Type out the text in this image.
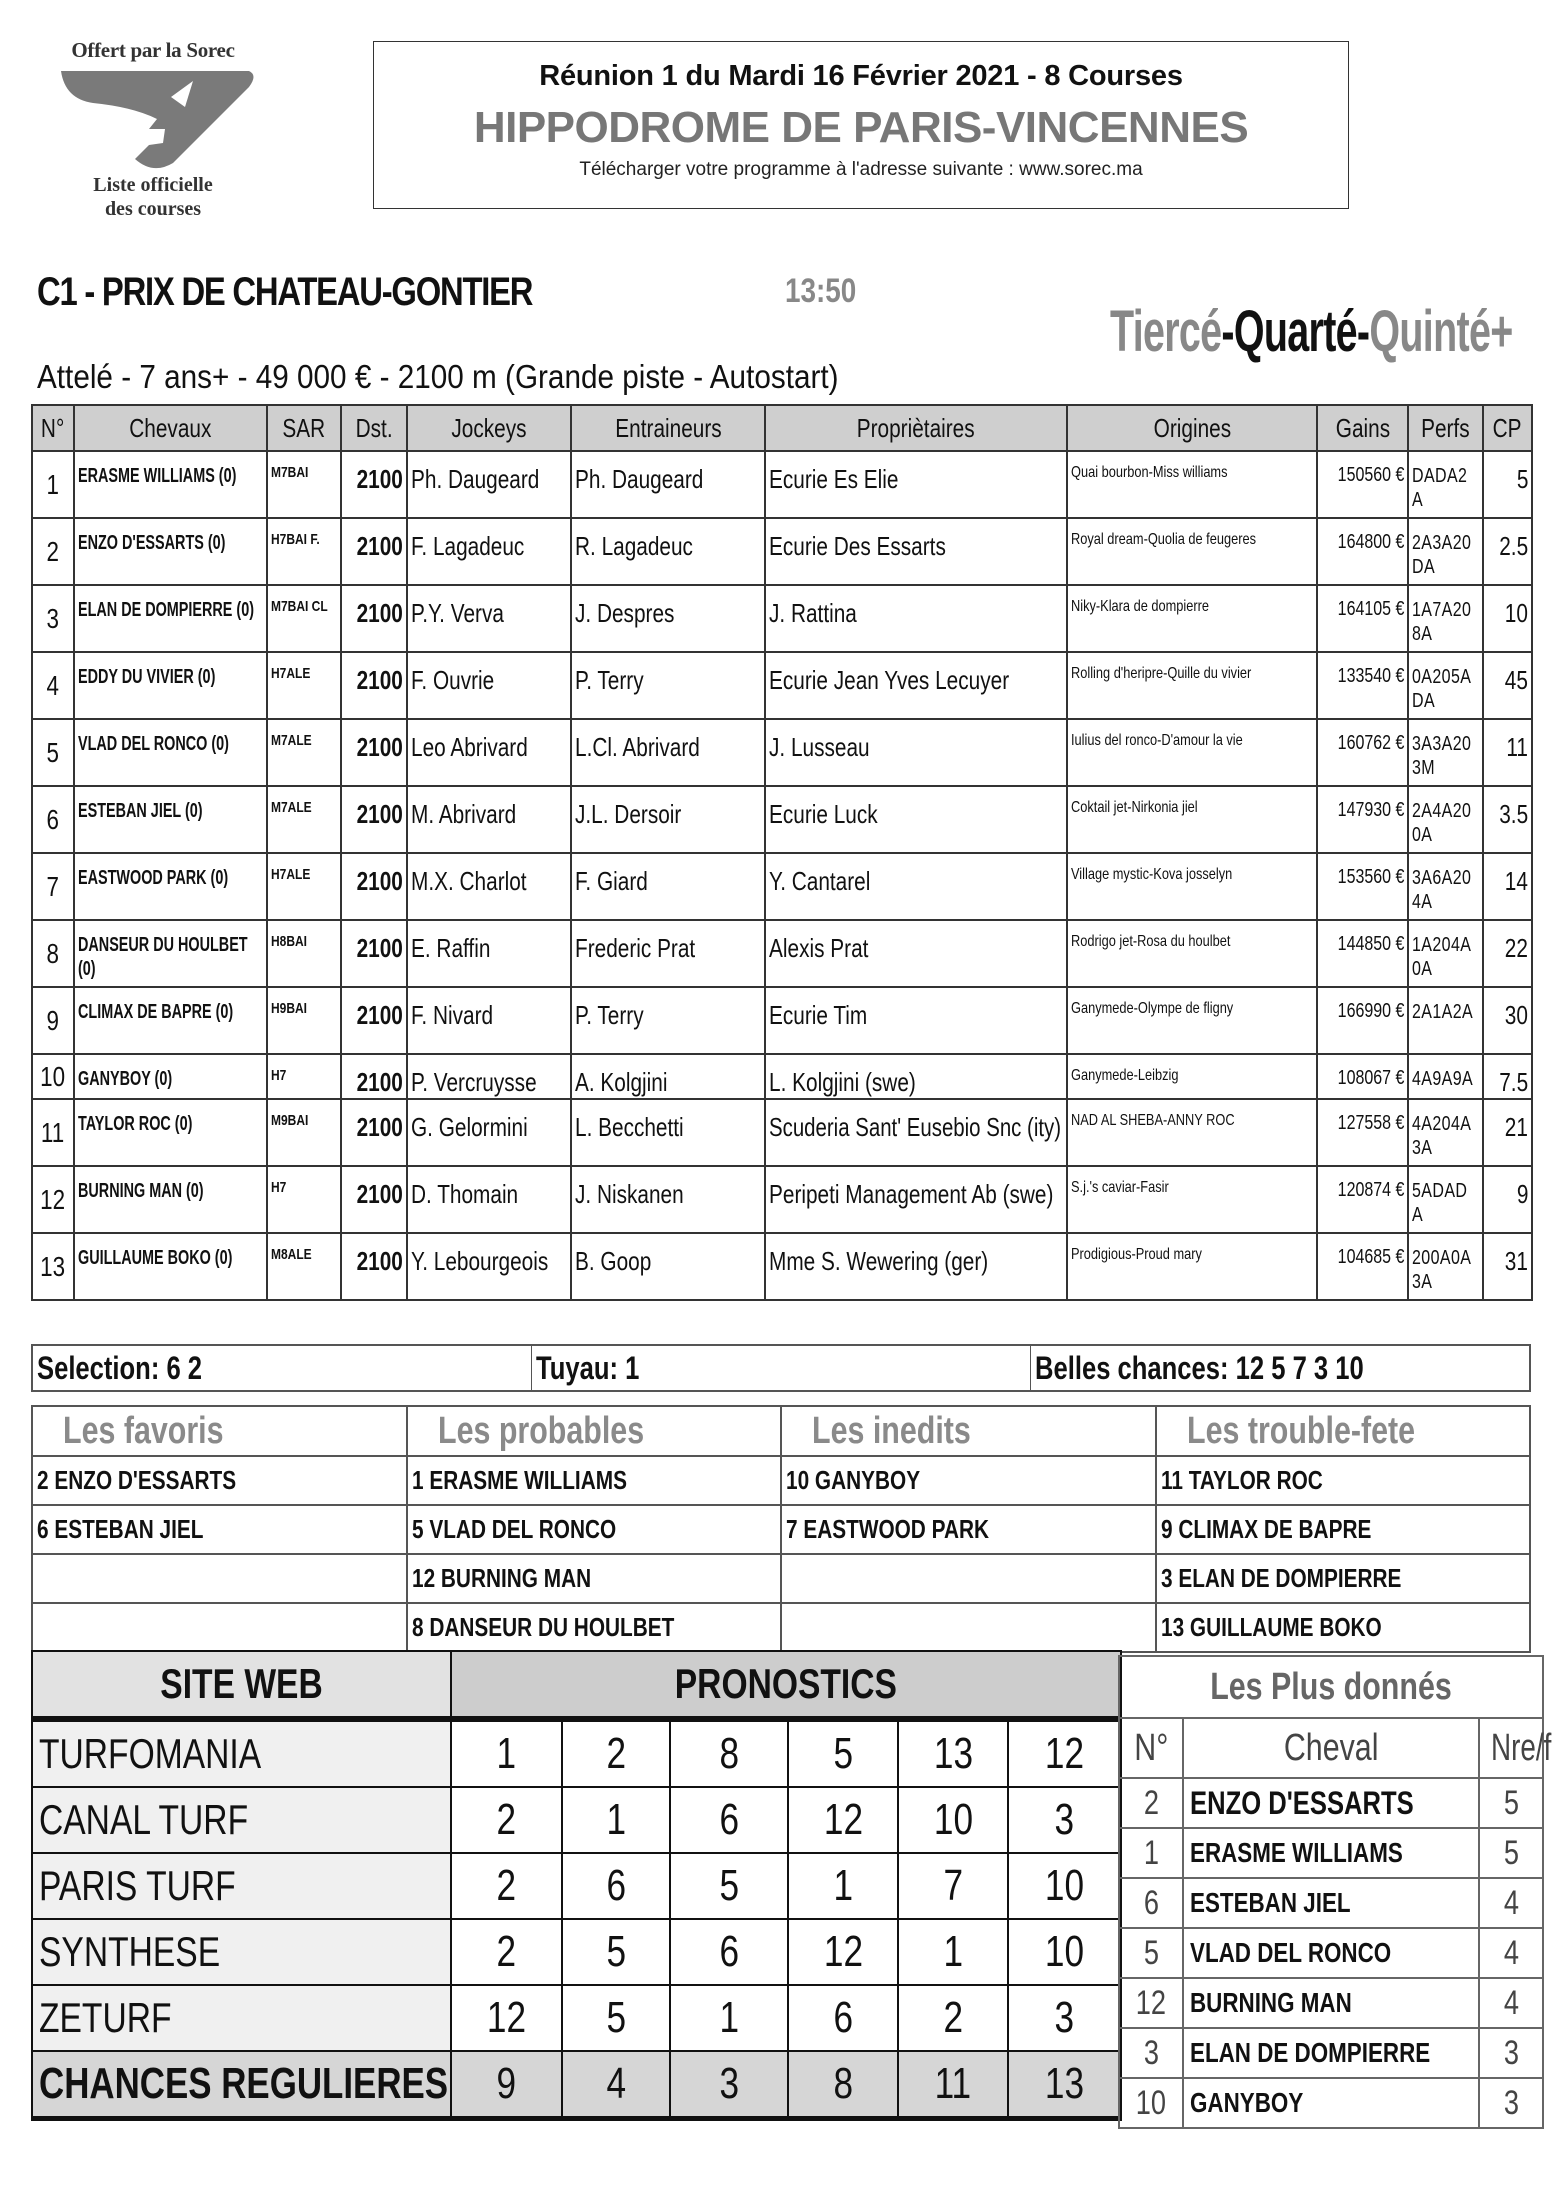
Offert par la Sorec
Liste officielle
des courses
Réunion 1 du Mardi 16 Février 2021 - 8 Courses
HIPPODROME DE PARIS-VINCENNES
Télécharger votre programme à l'adresse suivante : www.sorec.ma
C1 - PRIX DE CHATEAU-GONTIER	13:50
Tiercé-Quarté-Quinté+
Attelé - 7 ans+ - 49 000 € - 2100 m (Grande piste - Autostart)
N°	Chevaux	SAR	Dst.	Jockeys	Entraineurs	Propriètaires	Origines	Gains	Perfs	CP
1	ERASME WILLIAMS (0)	M7BAI	2100	Ph. Daugeard	Ph. Daugeard	Ecurie Es Elie	Quai bourbon-Miss williams	150560 €	DADA2A	5
2	ENZO D'ESSARTS (0)	H7BAI F.	2100	F. Lagadeuc	R. Lagadeuc	Ecurie Des Essarts	Royal dream-Quolia de feugeres	164800 €	2A3A20DA	2.5
3	ELAN DE DOMPIERRE (0)	M7BAI CL	2100	P.Y. Verva	J. Despres	J. Rattina	Niky-Klara de dompierre	164105 €	1A7A208A	10
4	EDDY DU VIVIER (0)	H7ALE	2100	F. Ouvrie	P. Terry	Ecurie Jean Yves Lecuyer	Rolling d'heripre-Quille du vivier	133540 €	0A205ADA	45
5	VLAD DEL RONCO (0)	M7ALE	2100	Leo Abrivard	L.Cl. Abrivard	J. Lusseau	Iulius del ronco-D'amour la vie	160762 €	3A3A203M	11
6	ESTEBAN JIEL (0)	M7ALE	2100	M. Abrivard	J.L. Dersoir	Ecurie Luck	Coktail jet-Nirkonia jiel	147930 €	2A4A200A	3.5
7	EASTWOOD PARK (0)	H7ALE	2100	M.X. Charlot	F. Giard	Y. Cantarel	Village mystic-Kova josselyn	153560 €	3A6A204A	14
8	DANSEUR DU HOULBET (0)	H8BAI	2100	E. Raffin	Frederic Prat	Alexis Prat	Rodrigo jet-Rosa du houlbet	144850 €	1A204A0A	22
9	CLIMAX DE BAPRE (0)	H9BAI	2100	F. Nivard	P. Terry	Ecurie Tim	Ganymede-Olympe de fligny	166990 €	2A1A2A	30
10	GANYBOY (0)	H7	2100	P. Vercruysse	A. Kolgjini	L. Kolgjini (swe)	Ganymede-Leibzig	108067 €	4A9A9A	7.5
11	TAYLOR ROC (0)	M9BAI	2100	G. Gelormini	L. Becchetti	Scuderia Sant' Eusebio Snc (ity)	NAD AL SHEBA-ANNY ROC	127558 €	4A204A3A	21
12	BURNING MAN (0)	H7	2100	D. Thomain	J. Niskanen	Peripeti Management Ab (swe)	S.j.'s caviar-Fasir	120874 €	5ADADA	9
13	GUILLAUME BOKO (0)	M8ALE	2100	Y. Lebourgeois	B. Goop	Mme S. Wewering (ger)	Prodigious-Proud mary	104685 €	200A0A3A	31
Selection: 6 2	Tuyau: 1	Belles chances: 12 5 7 3 10
Les favoris	Les probables	Les inedits	Les trouble-fete
2 ENZO D'ESSARTS	1 ERASME WILLIAMS	10 GANYBOY	11 TAYLOR ROC
6 ESTEBAN JIEL	5 VLAD DEL RONCO	7 EASTWOOD PARK	9 CLIMAX DE BAPRE
	12 BURNING MAN		3 ELAN DE DOMPIERRE
	8 DANSEUR DU HOULBET		13 GUILLAUME BOKO
SITE WEB	PRONOSTICS					
TURFOMANIA	1	2	8	5	13	12
CANAL TURF	2	1	6	12	10	3
PARIS TURF	2	6	5	1	7	10
SYNTHESE	2	5	6	12	1	10
ZETURF	12	5	1	6	2	3
CHANCES REGULIERES	9	4	3	8	11	13
Les Plus donnés		
N°	Cheval	Nre/f
2	ENZO D'ESSARTS	5
1	ERASME WILLIAMS	5
6	ESTEBAN JIEL	4
5	VLAD DEL RONCO	4
12	BURNING MAN	4
3	ELAN DE DOMPIERRE	3
10	GANYBOY	3
